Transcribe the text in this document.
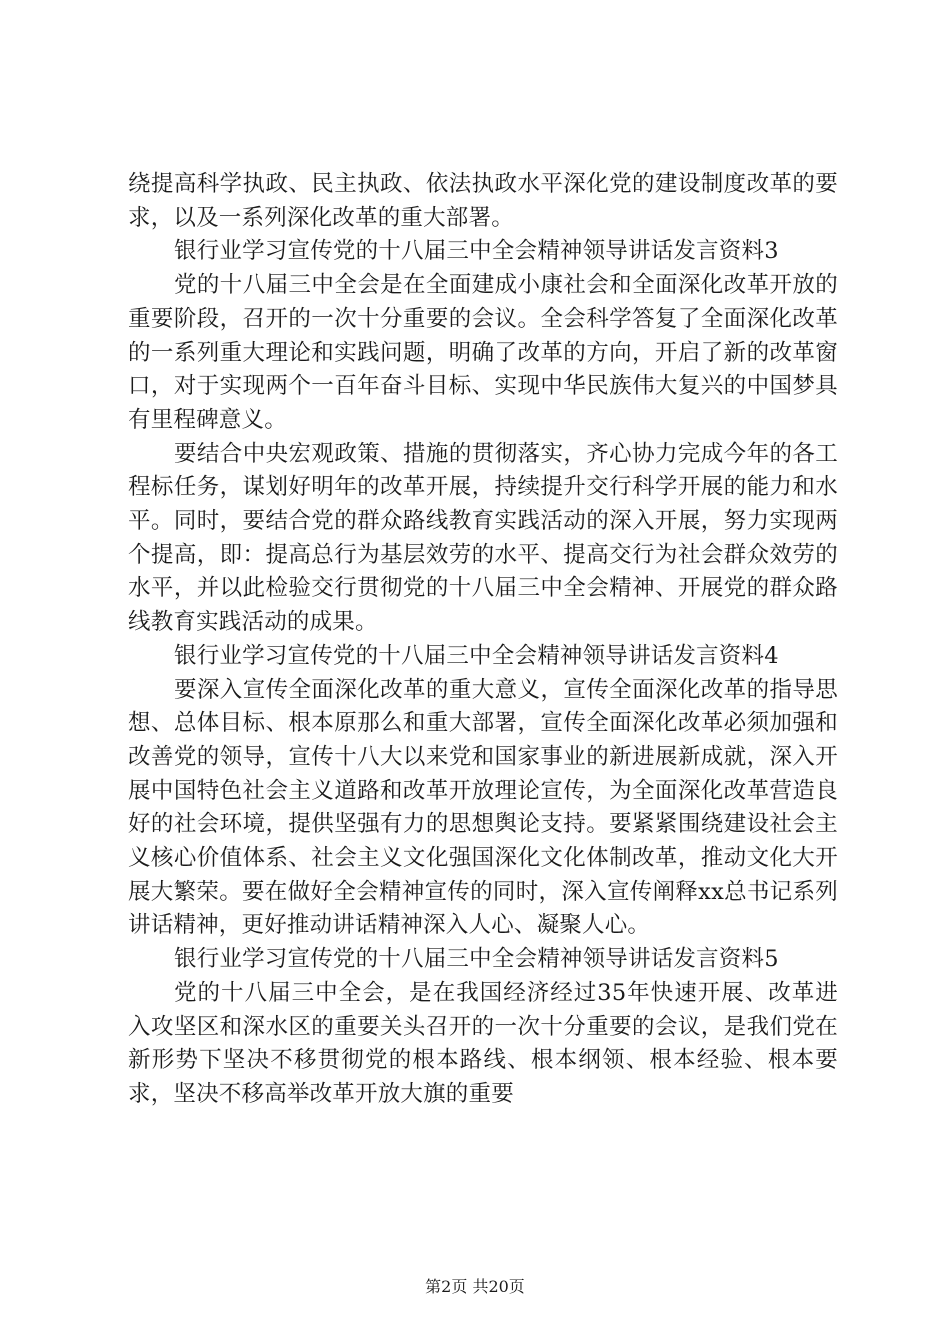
绕提高科学执政、民主执政、依法执政水平深化党的建设制度改革的要求，以及一系列深化改革的重大部署。

银行业学习宣传党的十八届三中全会精神领导讲话发言资料3

党的十八届三中全会是在全面建成小康社会和全面深化改革开放的重要阶段，召开的一次十分重要的会议。全会科学答复了全面深化改革的一系列重大理论和实践问题，明确了改革的方向，开启了新的改革窗口，对于实现两个一百年奋斗目标、实现中华民族伟大复兴的中国梦具有里程碑意义。

要结合中央宏观政策、措施的贯彻落实，齐心协力完成今年的各工程标任务，谋划好明年的改革开展，持续提升交行科学开展的能力和水平。同时，要结合党的群众路线教育实践活动的深入开展，努力实现两个提高，即：提高总行为基层效劳的水平、提高交行为社会群众效劳的水平，并以此检验交行贯彻党的十八届三中全会精神、开展党的群众路线教育实践活动的成果。

银行业学习宣传党的十八届三中全会精神领导讲话发言资料4

要深入宣传全面深化改革的重大意义，宣传全面深化改革的指导思想、总体目标、根本原那么和重大部署，宣传全面深化改革必须加强和改善党的领导，宣传十八大以来党和国家事业的新进展新成就，深入开展中国特色社会主义道路和改革开放理论宣传，为全面深化改革营造良好的社会环境，提供坚强有力的思想舆论支持。要紧紧围绕建设社会主义核心价值体系、社会主义文化强国深化文化体制改革，推动文化大开展大繁荣。要在做好全会精神宣传的同时，深入宣传阐释xx总书记系列讲话精神，更好推动讲话精神深入人心、凝聚人心。

银行业学习宣传党的十八届三中全会精神领导讲话发言资料5

党的十八届三中全会，是在我国经济经过35年快速开展、改革进入攻坚区和深水区的重要关头召开的一次十分重要的会议，是我们党在新形势下坚决不移贯彻党的根本路线、根本纲领、根本经验、根本要求，坚决不移高举改革开放大旗的重要

第2页 共20页
